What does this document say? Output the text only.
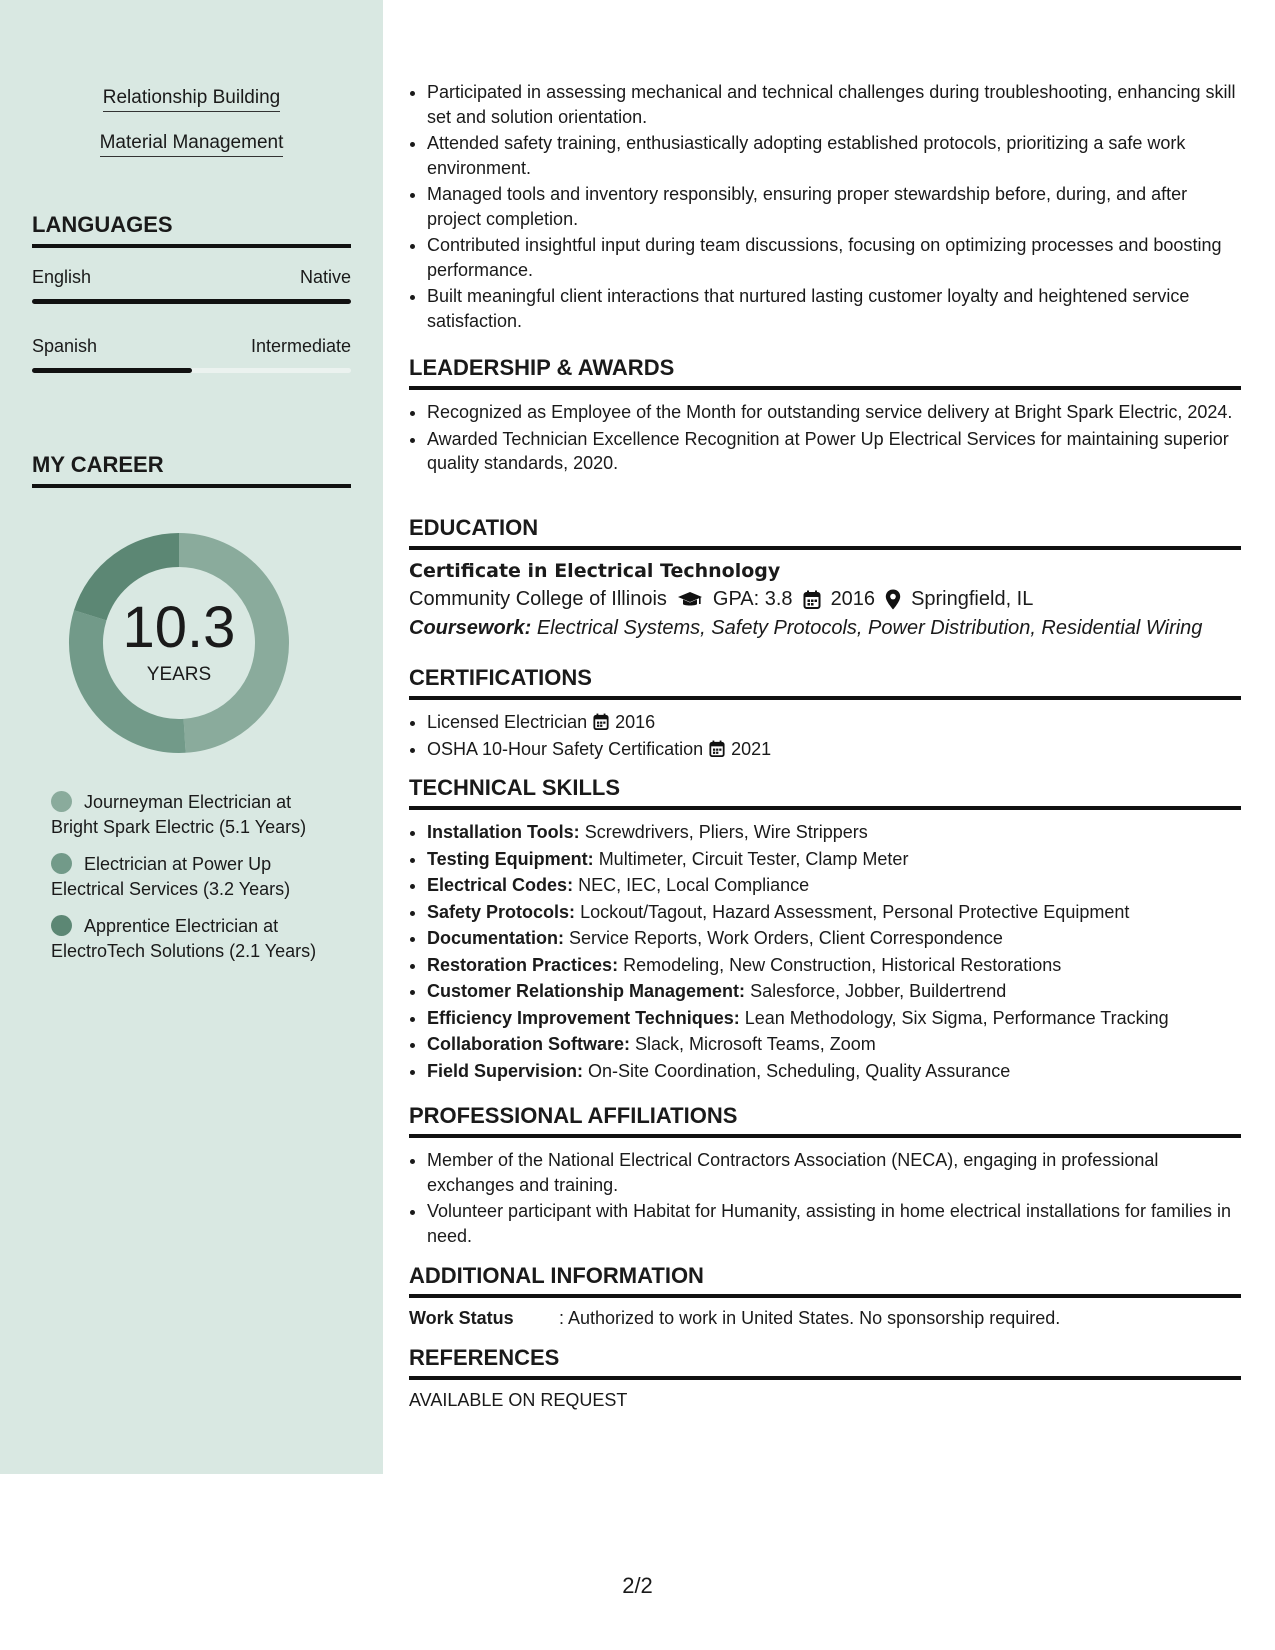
Relationship Building
Material Management
LANGUAGES
English	Native
Spanish	Intermediate
MY CAREER
10.3
YEARS
Journeyman Electrician at Bright Spark Electric (5.1 Years)
Electrician at Power Up Electrical Services (3.2 Years)
Apprentice Electrician at ElectroTech Solutions (2.1 Years)
• Participated in assessing mechanical and technical challenges during troubleshooting, enhancing skill set and solution orientation.
• Attended safety training, enthusiastically adopting established protocols, prioritizing a safe work environment.
• Managed tools and inventory responsibly, ensuring proper stewardship before, during, and after project completion.
• Contributed insightful input during team discussions, focusing on optimizing processes and boosting performance.
• Built meaningful client interactions that nurtured lasting customer loyalty and heightened service satisfaction.
LEADERSHIP & AWARDS
• Recognized as Employee of the Month for outstanding service delivery at Bright Spark Electric, 2024.
• Awarded Technician Excellence Recognition at Power Up Electrical Services for maintaining superior quality standards, 2020.
EDUCATION
Certificate in Electrical Technology
Community College of Illinois GPA: 3.8 2016 Springfield, IL
Coursework: Electrical Systems, Safety Protocols, Power Distribution, Residential Wiring
CERTIFICATIONS
• Licensed Electrician 2016
• OSHA 10-Hour Safety Certification 2021
TECHNICAL SKILLS
• Installation Tools: Screwdrivers, Pliers, Wire Strippers
• Testing Equipment: Multimeter, Circuit Tester, Clamp Meter
• Electrical Codes: NEC, IEC, Local Compliance
• Safety Protocols: Lockout/Tagout, Hazard Assessment, Personal Protective Equipment
• Documentation: Service Reports, Work Orders, Client Correspondence
• Restoration Practices: Remodeling, New Construction, Historical Restorations
• Customer Relationship Management: Salesforce, Jobber, Buildertrend
• Efficiency Improvement Techniques: Lean Methodology, Six Sigma, Performance Tracking
• Collaboration Software: Slack, Microsoft Teams, Zoom
• Field Supervision: On-Site Coordination, Scheduling, Quality Assurance
PROFESSIONAL AFFILIATIONS
• Member of the National Electrical Contractors Association (NECA), engaging in professional exchanges and training.
• Volunteer participant with Habitat for Humanity, assisting in home electrical installations for families in need.
ADDITIONAL INFORMATION
Work Status	: Authorized to work in United States. No sponsorship required.
REFERENCES
AVAILABLE ON REQUEST
2/2
